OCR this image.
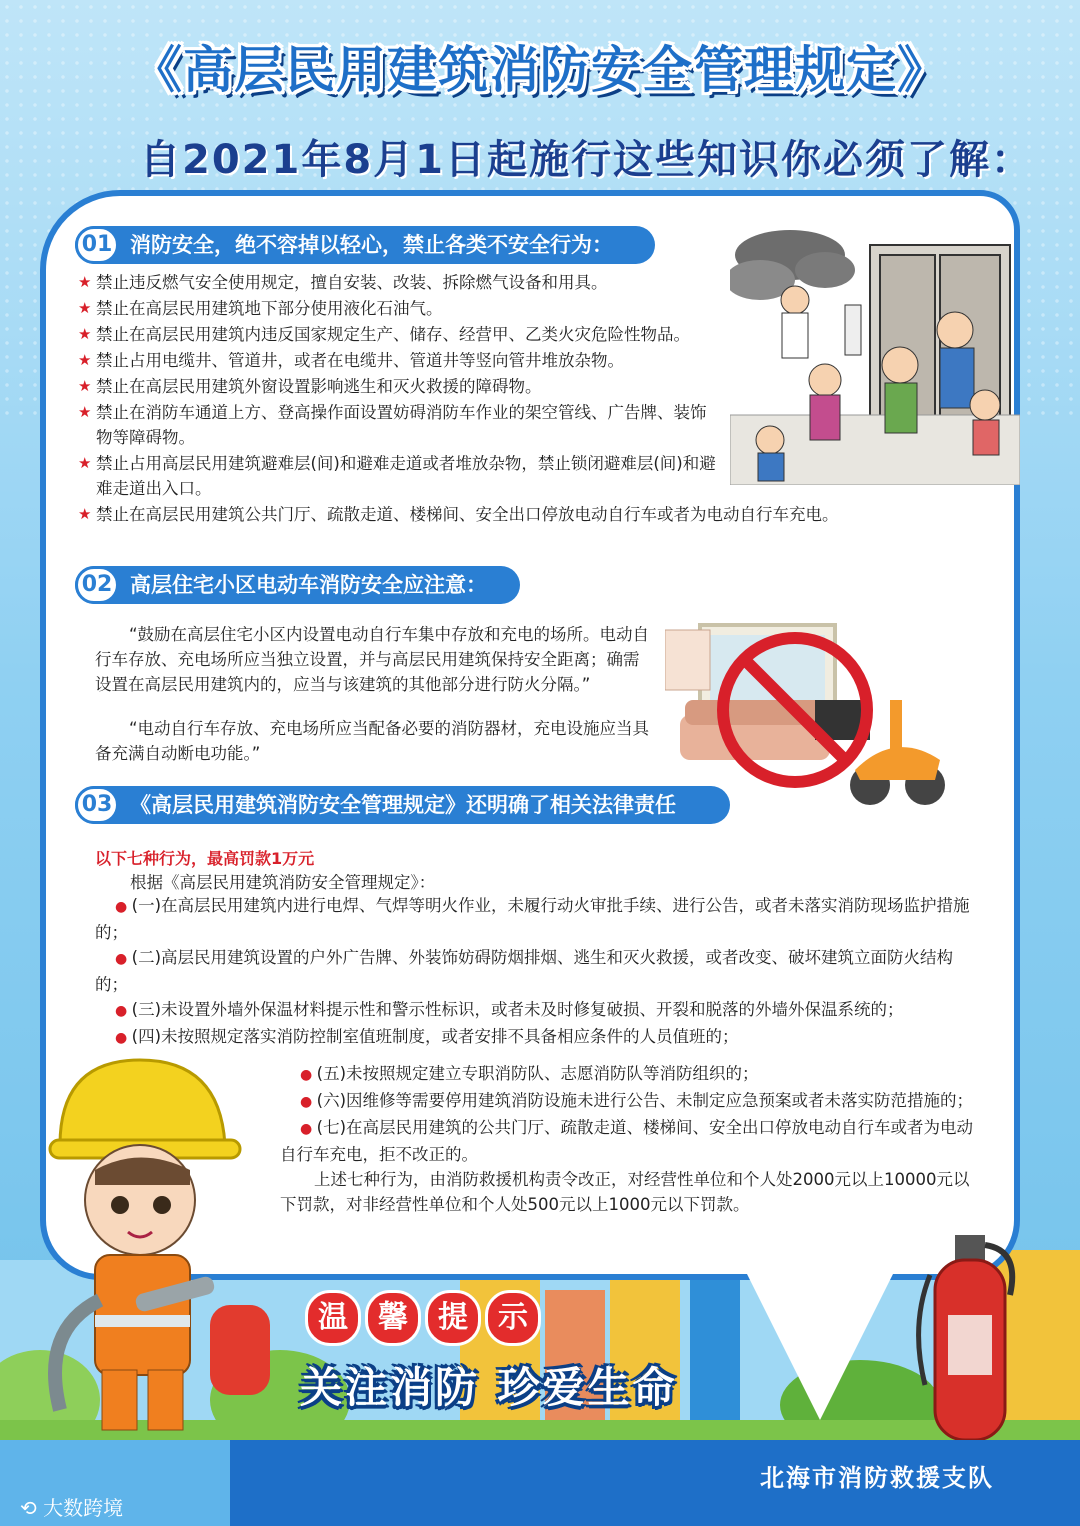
《高层民用建筑消防安全管理规定》
自2021年8月1日起施行这些知识你必须了解：
消防安全，绝不容掉以轻心，禁止各类不安全行为：
01
★ 禁止违反燃气安全使用规定，擅自安装、改装、拆除燃气设备和用具。
★ 禁止在高层民用建筑地下部分使用液化石油气。
★ 禁止在高层民用建筑内违反国家规定生产、储存、经营甲、乙类火灾危险性物品。
★ 禁止占用电缆井、管道井，或者在电缆井、管道井等竖向管井堆放杂物。
★ 禁止在高层民用建筑外窗设置影响逃生和灭火救援的障碍物。
★ 禁止在消防车通道上方、登高操作面设置妨碍消防车作业的架空管线、广告牌、装饰物等障碍物。
★ 禁止占用高层民用建筑避难层(间)和避难走道或者堆放杂物，禁止锁闭避难层(间)和避难走道出入口。
★ 禁止在高层民用建筑公共门厅、疏散走道、楼梯间、安全出口停放电动自行车或者为电动自行车充电。
高层住宅小区电动车消防安全应注意：
02
“鼓励在高层住宅小区内设置电动自行车集中存放和充电的场所。电动自行车存放、充电场所应当独立设置，并与高层民用建筑保持安全距离；确需设置在高层民用建筑内的，应当与该建筑的其他部分进行防火分隔。”
“电动自行车存放、充电场所应当配备必要的消防器材，充电设施应当具备充满自动断电功能。”
《高层民用建筑消防安全管理规定》还明确了相关法律责任
03
以下七种行为，最高罚款1万元
根据《高层民用建筑消防安全管理规定》：
● (一)在高层民用建筑内进行电焊、气焊等明火作业，未履行动火审批手续、进行公告，或者未落实消防现场监护措施的；
● (二)高层民用建筑设置的户外广告牌、外装饰妨碍防烟排烟、逃生和灭火救援，或者改变、破坏建筑立面防火结构的；
● (三)未设置外墙外保温材料提示性和警示性标识，或者未及时修复破损、开裂和脱落的外墙外保温系统的；
● (四)未按照规定落实消防控制室值班制度，或者安排不具备相应条件的人员值班的；
● (五)未按照规定建立专职消防队、志愿消防队等消防组织的；
● (六)因维修等需要停用建筑消防设施未进行公告、未制定应急预案或者未落实防范措施的；
● (七)在高层民用建筑的公共门厅、疏散走道、楼梯间、安全出口停放电动自行车或者为电动自行车充电，拒不改正的。
上述七种行为，由消防救援机构责令改正，对经营性单位和个人处2000元以上10000元以下罚款，对非经营性单位和个人处500元以上1000元以下罚款。
温 馨 提 示
关注消防 珍爱生命
北海市消防救援支队
⟲ 大数跨境
